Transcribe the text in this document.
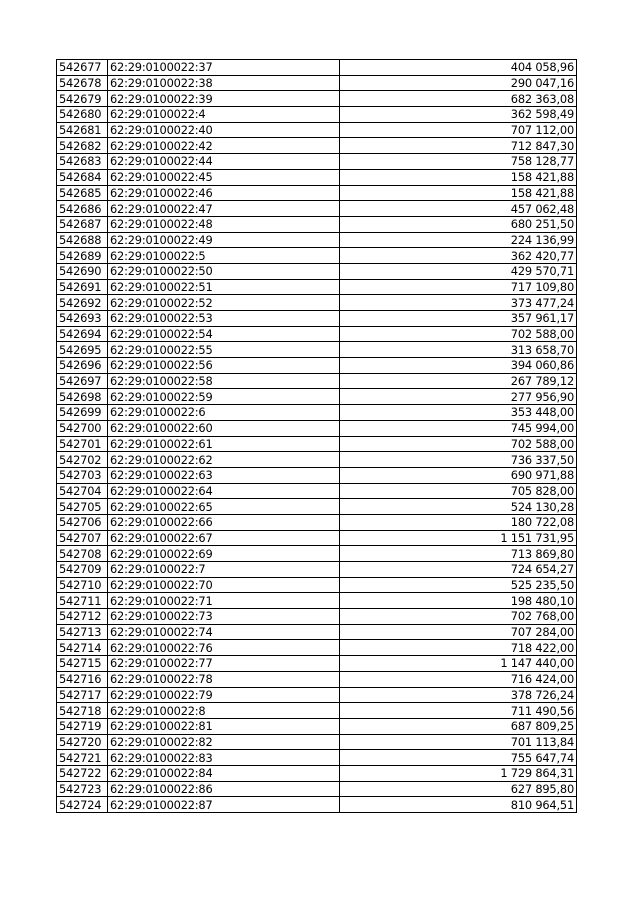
542677	62:29:0100022:37	404 058,96
542678	62:29:0100022:38	290 047,16
542679	62:29:0100022:39	682 363,08
542680	62:29:0100022:4	362 598,49
542681	62:29:0100022:40	707 112,00
542682	62:29:0100022:42	712 847,30
542683	62:29:0100022:44	758 128,77
542684	62:29:0100022:45	158 421,88
542685	62:29:0100022:46	158 421,88
542686	62:29:0100022:47	457 062,48
542687	62:29:0100022:48	680 251,50
542688	62:29:0100022:49	224 136,99
542689	62:29:0100022:5	362 420,77
542690	62:29:0100022:50	429 570,71
542691	62:29:0100022:51	717 109,80
542692	62:29:0100022:52	373 477,24
542693	62:29:0100022:53	357 961,17
542694	62:29:0100022:54	702 588,00
542695	62:29:0100022:55	313 658,70
542696	62:29:0100022:56	394 060,86
542697	62:29:0100022:58	267 789,12
542698	62:29:0100022:59	277 956,90
542699	62:29:0100022:6	353 448,00
542700	62:29:0100022:60	745 994,00
542701	62:29:0100022:61	702 588,00
542702	62:29:0100022:62	736 337,50
542703	62:29:0100022:63	690 971,88
542704	62:29:0100022:64	705 828,00
542705	62:29:0100022:65	524 130,28
542706	62:29:0100022:66	180 722,08
542707	62:29:0100022:67	1 151 731,95
542708	62:29:0100022:69	713 869,80
542709	62:29:0100022:7	724 654,27
542710	62:29:0100022:70	525 235,50
542711	62:29:0100022:71	198 480,10
542712	62:29:0100022:73	702 768,00
542713	62:29:0100022:74	707 284,00
542714	62:29:0100022:76	718 422,00
542715	62:29:0100022:77	1 147 440,00
542716	62:29:0100022:78	716 424,00
542717	62:29:0100022:79	378 726,24
542718	62:29:0100022:8	711 490,56
542719	62:29:0100022:81	687 809,25
542720	62:29:0100022:82	701 113,84
542721	62:29:0100022:83	755 647,74
542722	62:29:0100022:84	1 729 864,31
542723	62:29:0100022:86	627 895,80
542724	62:29:0100022:87	810 964,51
